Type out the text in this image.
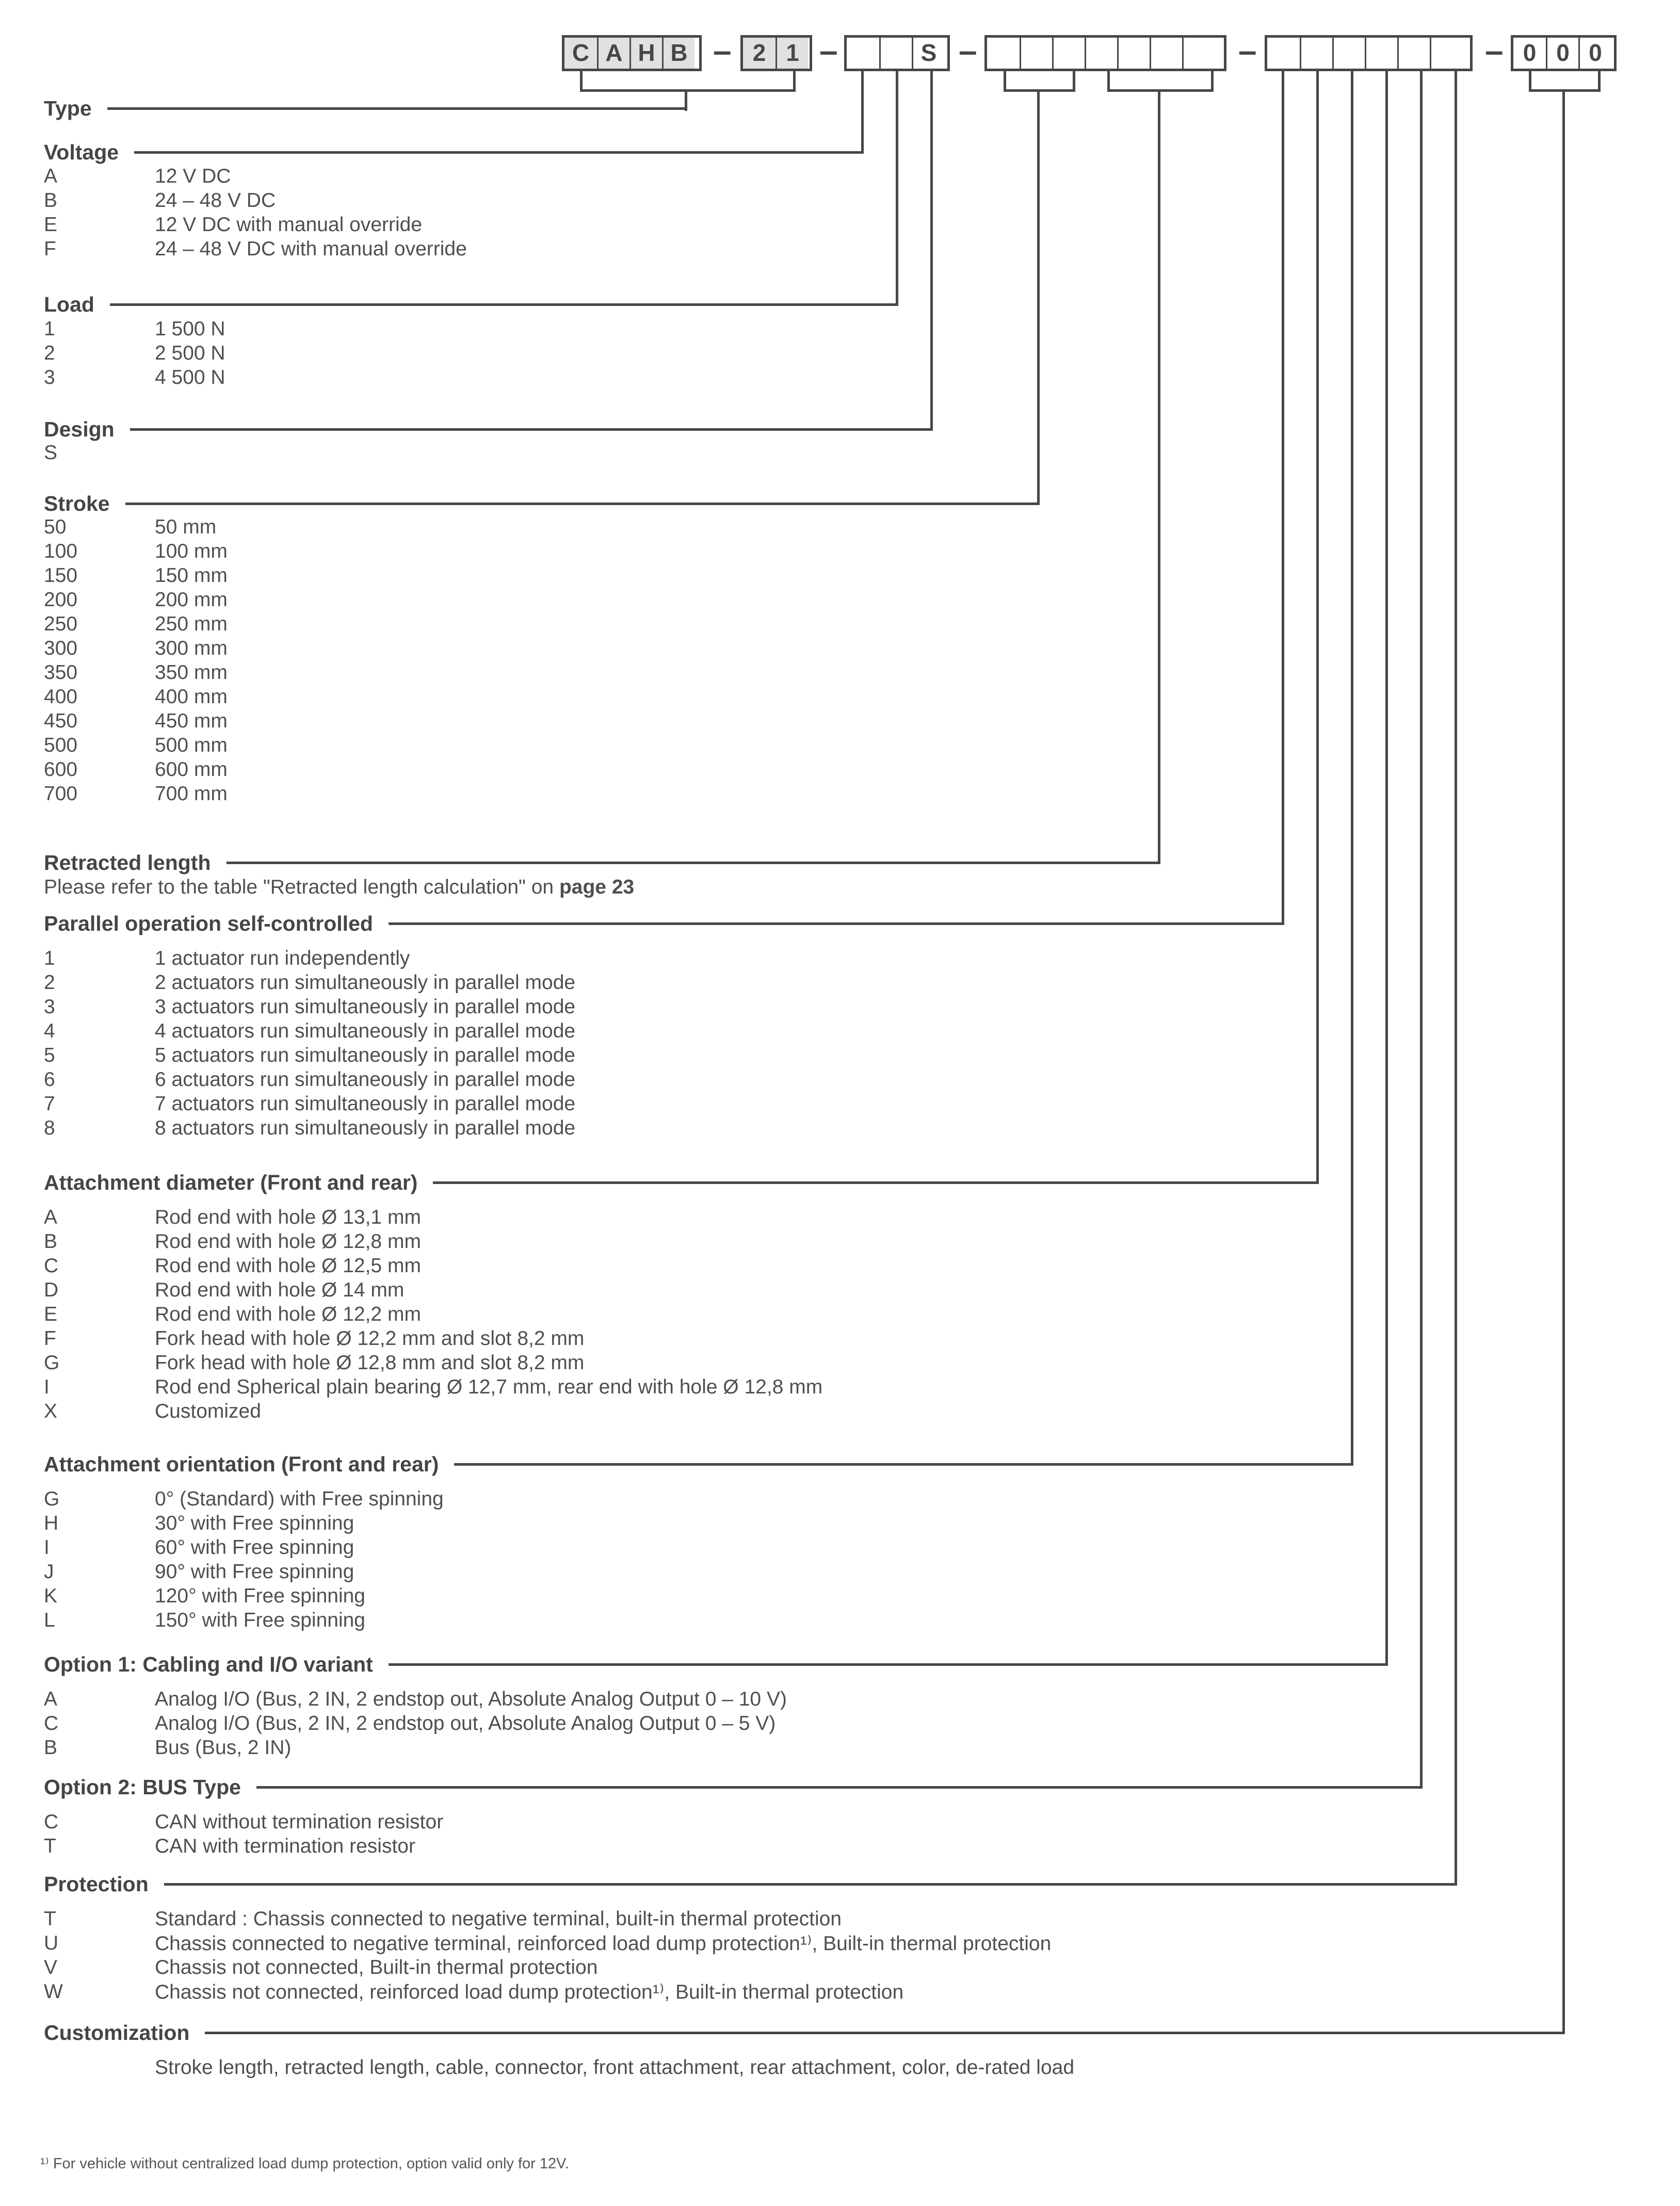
C A H B – 2 1 –	S –	–	– 0 0 0
Type
Voltage
A	12 V DC
B	24 – 48 V DC
E	12 V DC with manual override
F	24 – 48 V DC with manual override
Load
1	1 500 N
2	2 500 N
3	4 500 N
Design
S
Stroke
50	50 mm
100	100 mm
150	150 mm
200	200 mm
250	250 mm
300	300 mm
350	350 mm
400	400 mm
450	450 mm
500	500 mm
600	600 mm
700	700 mm
Retracted length
Please refer to the table "Retracted length calculation" on page 23
Parallel operation self-controlled
1	1 actuator run independently
2	2 actuators run simultaneously in parallel mode
3	3 actuators run simultaneously in parallel mode
4	4 actuators run simultaneously in parallel mode
5	5 actuators run simultaneously in parallel mode
6	6 actuators run simultaneously in parallel mode
7	7 actuators run simultaneously in parallel mode
8	8 actuators run simultaneously in parallel mode
Attachment diameter (Front and rear)
A	Rod end with hole Ø 13,1 mm
B	Rod end with hole Ø 12,8 mm
C	Rod end with hole Ø 12,5 mm
D	Rod end with hole Ø 14 mm
E	Rod end with hole Ø 12,2 mm
F	Fork head with hole Ø 12,2 mm and slot 8,2 mm
G	Fork head with hole Ø 12,8 mm and slot 8,2 mm
I	Rod end Spherical plain bearing Ø 12,7 mm, rear end with hole Ø 12,8 mm
X	Customized
Attachment orientation (Front and rear)
G	0° (Standard) with Free spinning
H	30° with Free spinning
I	60° with Free spinning
J	90° with Free spinning
K	120° with Free spinning
L	150° with Free spinning
Option 1: Cabling and I/O variant
A	Analog I/O (Bus, 2 IN, 2 endstop out, Absolute Analog Output 0 – 10 V)
C	Analog I/O (Bus, 2 IN, 2 endstop out, Absolute Analog Output 0 – 5 V)
B	Bus (Bus, 2 IN)
Option 2: BUS Type
C	CAN without termination resistor
T	CAN with termination resistor
Protection
T	Standard : Chassis connected to negative terminal, built-in thermal protection
U	Chassis connected to negative terminal, reinforced load dump protection¹⁾, Built-in thermal protection
V	Chassis not connected, Built-in thermal protection
W	Chassis not connected, reinforced load dump protection¹⁾, Built-in thermal protection
Customization
Stroke length, retracted length, cable, connector, front attachment, rear attachment, color, de-rated load
¹⁾ For vehicle without centralized load dump protection, option valid only for 12V.
